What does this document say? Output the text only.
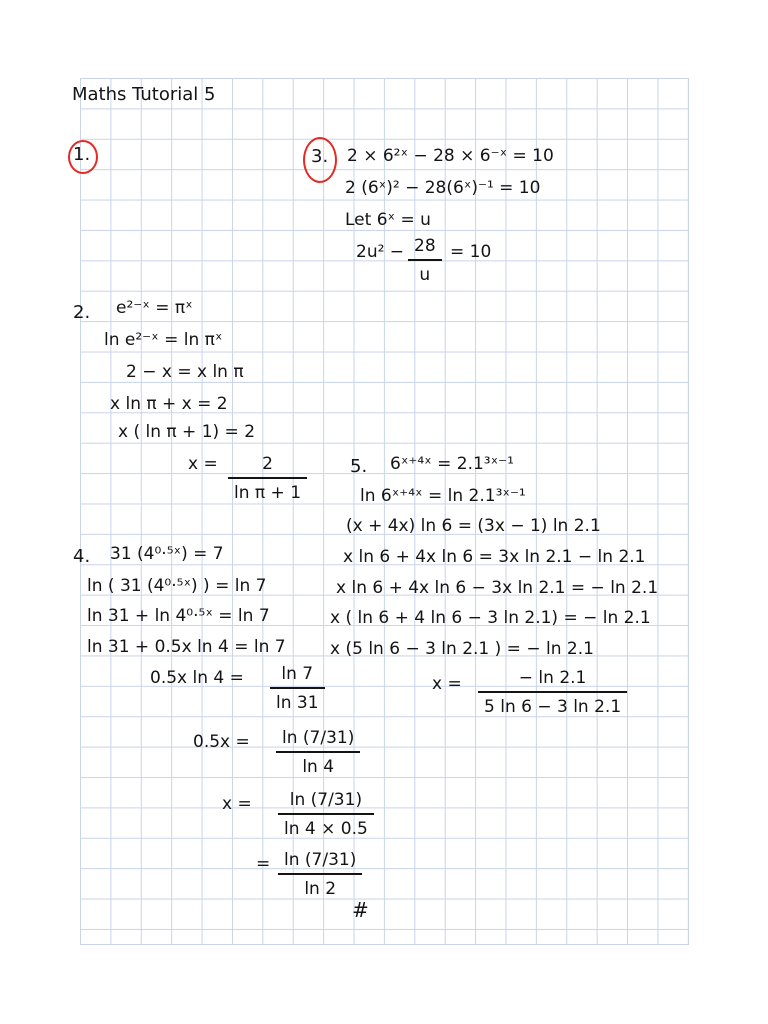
Maths Tutorial 5
1.	3. 2 × 6²ˣ − 28 × 6⁻ˣ = 10
2 (6ˣ)² − 28(6ˣ)⁻¹ = 10
Let 6ˣ = u
2u² − 28
u
= 10
2. e²⁻ˣ = πˣ
ln e²⁻ˣ = ln πˣ
2 − x = x ln π
x ln π + x = 2
x ( ln π + 1) = 2
x =	2
ln π + 1
5. 6ˣ⁺⁴ˣ = 2.1³ˣ⁻¹
ln 6ˣ⁺⁴ˣ = ln 2.1³ˣ⁻¹
(x + 4x) ln 6 = (3x − 1) ln 2.1
x ln 6 + 4x ln 6 = 3x ln 2.1 − ln 2.1
x ln 6 + 4x ln 6 − 3x ln 2.1 = − ln 2.1
x ( ln 6 + 4 ln 6 − 3 ln 2.1) = − ln 2.1
x (5 ln 6 − 3 ln 2.1 ) = − ln 2.1
x =	− ln 2.1
5 ln 6 − 3 ln 2.1
4. 31 (4⁰·⁵ˣ) = 7
ln ( 31 (4⁰·⁵ˣ) ) = ln 7
ln 31 + ln 4⁰·⁵ˣ = ln 7
ln 31 + 0.5x ln 4 = ln 7
0.5x ln 4 =	ln 7
ln 31
0.5x =	ln (7/31)
ln 4
x =	ln (7/31)
ln 4 × 0.5
= ln (7/31)
ln 2
#
